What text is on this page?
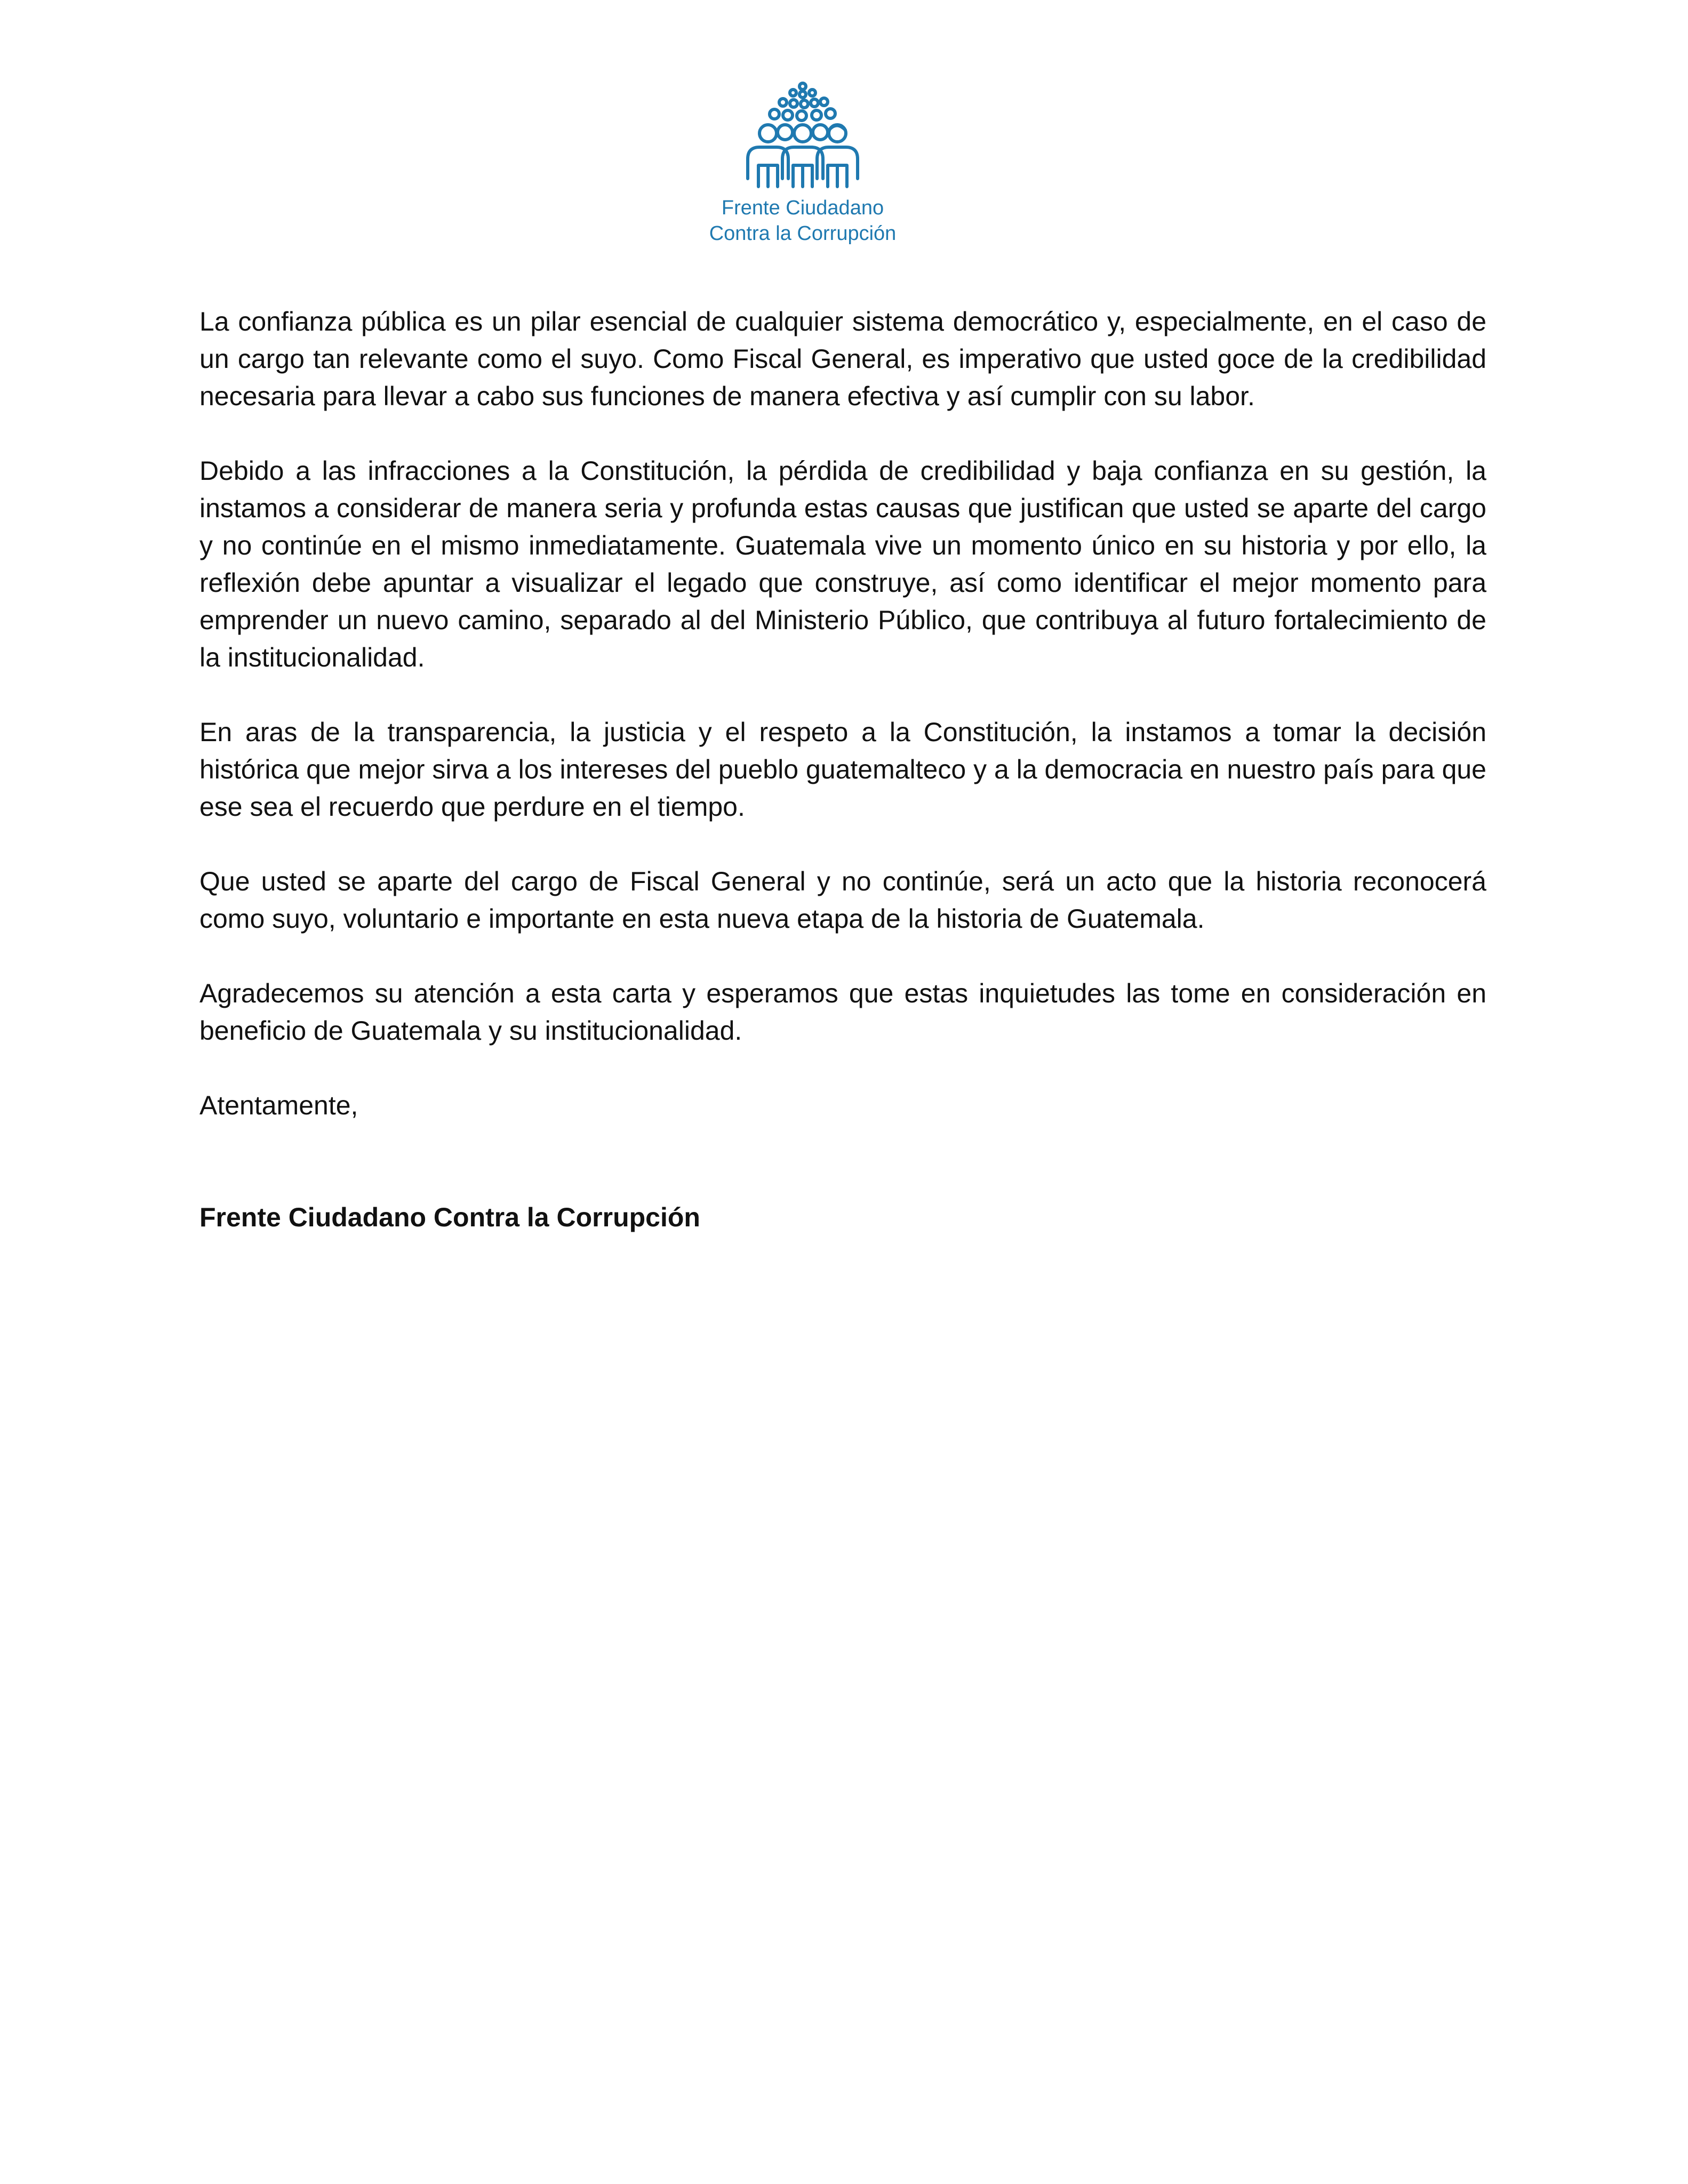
Frente Ciudadano
Contra la Corrupción

La confianza pública es un pilar esencial de cualquier sistema democrático y, especialmente, en el caso de un cargo tan relevante como el suyo. Como Fiscal General, es imperativo que usted goce de la credibilidad necesaria para llevar a cabo sus funciones de manera efectiva y así cumplir con su labor.

Debido a las infracciones a la Constitución, la pérdida de credibilidad y baja confianza en su gestión, la instamos a considerar de manera seria y profunda estas causas que justifican que usted se aparte del cargo y no continúe en el mismo inmediatamente. Guatemala vive un momento único en su historia y por ello, la reflexión debe apuntar a visualizar el legado que construye, así como identificar el mejor momento para emprender un nuevo camino, separado al del Ministerio Público, que contribuya al futuro fortalecimiento de la institucionalidad.

En aras de la transparencia, la justicia y el respeto a la Constitución, la instamos a tomar la decisión histórica que mejor sirva a los intereses del pueblo guatemalteco y a la democracia en nuestro país para que ese sea el recuerdo que perdure en el tiempo.

Que usted se aparte del cargo de Fiscal General y no continúe, será un acto que la historia reconocerá como suyo, voluntario e importante en esta nueva etapa de la historia de Guatemala.

Agradecemos su atención a esta carta y esperamos que estas inquietudes las tome en consideración en beneficio de Guatemala y su institucionalidad.

Atentamente,
Frente Ciudadano Contra la Corrupción
